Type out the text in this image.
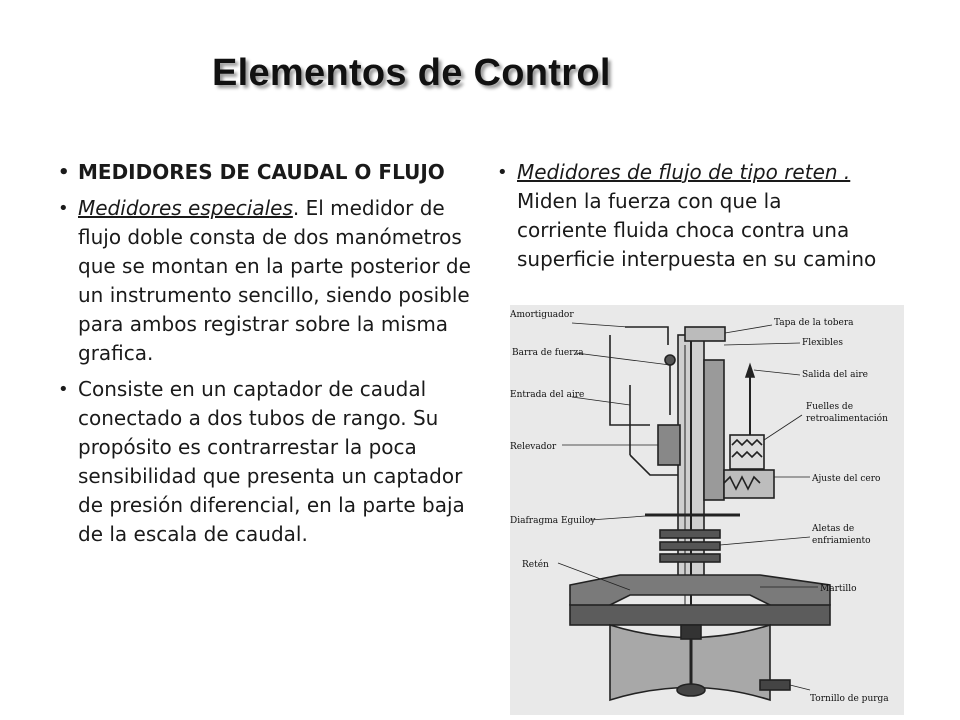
Elementos de Control
• MEDIDORES DE CAUDAL O FLUJO
• Medidores especiales. El medidor de flujo doble consta de dos manómetros que se montan en la parte posterior de un instrumento sencillo, siendo posible para ambos registrar sobre la misma grafica.
• Consiste en un captador de caudal conectado a dos tubos de rango. Su propósito es contrarrestar la poca sensibilidad que presenta un captador de presión diferencial, en la parte baja de la escala de caudal.
• Medidores de flujo de tipo reten . Miden la fuerza con que la corriente fluida choca contra una superficie interpuesta en su camino
Amortiguador
Tapa de la tobera
Flexibles
Barra de fuerza
Salida del aire
Entrada del aire
Fuelles de
retroalimentación
Relevador
Ajuste del cero
Diafragma Eguiloy
Aletas de
enfriamiento
Retén
Martillo
Tornillo de purga
